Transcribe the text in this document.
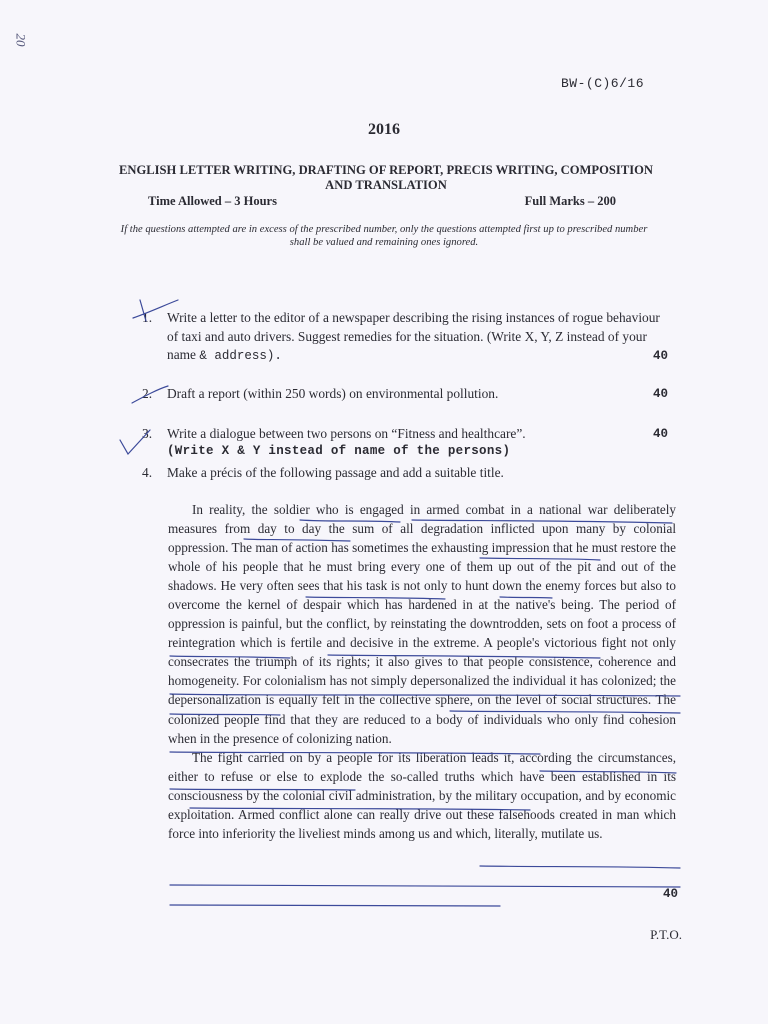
20
BW-(C)6/16
2016
ENGLISH LETTER WRITING, DRAFTING OF REPORT, PRECIS WRITING, COMPOSITION AND TRANSLATION
Time Allowed – 3 Hours	Full Marks – 200
If the questions attempted are in excess of the prescribed number, only the questions attempted first up to prescribed number shall be valued and remaining ones ignored.
1.	Write a letter to the editor of a newspaper describing the rising instances of rogue behaviour of taxi and auto drivers. Suggest remedies for the situation. (Write X, Y, Z instead of your name & address).	40
2.	Draft a report (within 250 words) on environmental pollution.	40
3.	Write a dialogue between two persons on “Fitness and healthcare”.
(Write X & Y instead of name of the persons)
40
4.	Make a précis of the following passage and add a suitable title.

In reality, the soldier who is engaged in armed combat in a national war deliberately measures from day to day the sum of all degradation inflicted upon many by colonial oppression. The man of action has sometimes the exhausting impression that he must restore the whole of his people that he must bring every one of them up out of the pit and out of the shadows. He very often sees that his task is not only to hunt down the enemy forces but also to overcome the kernel of despair which has hardened in at the native's being. The period of oppression is painful, but the conflict, by reinstating the downtrodden, sets on foot a process of reintegration which is fertile and decisive in the extreme. A people's victorious fight not only consecrates the triumph of its rights; it also gives to that people consistence, coherence and homogeneity. For colonialism has not simply depersonalized the individual it has colonized; the depersonalization is equally felt in the collective sphere, on the level of social structures. The colonized people find that they are reduced to a body of individuals who only find cohesion when in the presence of colonizing nation.

The fight carried on by a people for its liberation leads it, according the circumstances, either to refuse or else to explode the so-called truths which have been established in its consciousness by the colonial civil administration, by the military occupation, and by economic exploitation. Armed conflict alone can really drive out these falsehoods created in man which force into inferiority the liveliest minds among us and which, literally, mutilate us.

40
P.T.O.
